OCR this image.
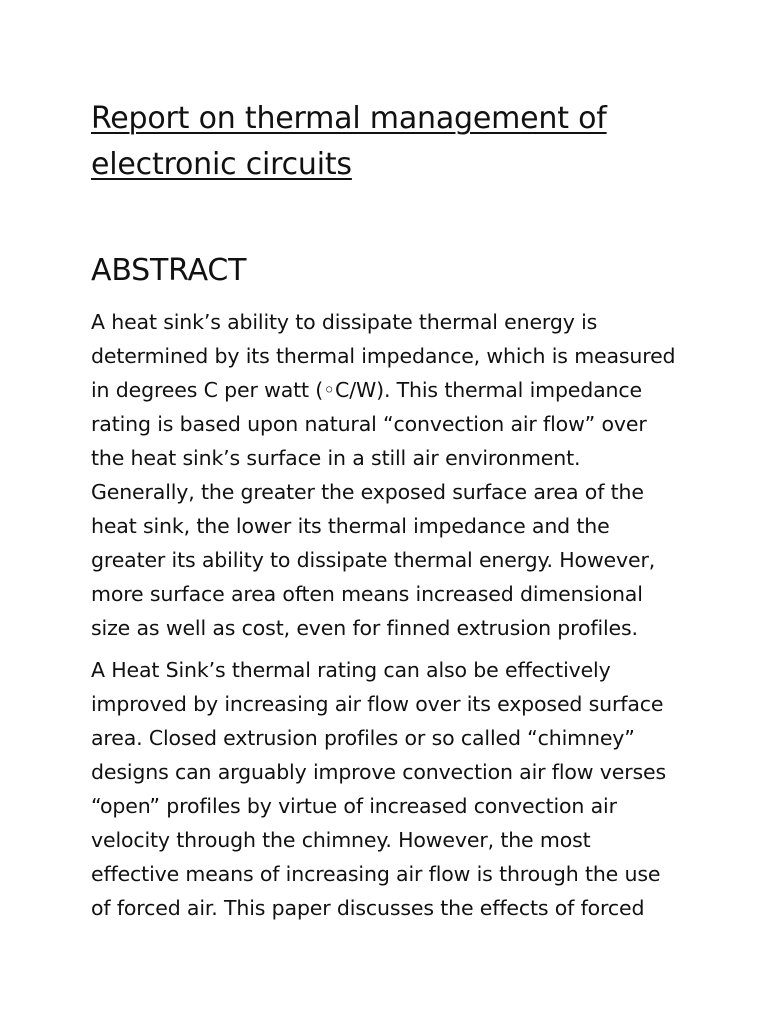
Report on thermal management of
electronic circuits
ABSTRACT
A heat sink’s ability to dissipate thermal energy is
determined by its thermal impedance, which is measured
in degrees C per watt (◦C/W). This thermal impedance
rating is based upon natural “convection air flow” over
the heat sink’s surface in a still air environment.
Generally, the greater the exposed surface area of the
heat sink, the lower its thermal impedance and the
greater its ability to dissipate thermal energy. However,
more surface area often means increased dimensional
size as well as cost, even for finned extrusion profiles.
A Heat Sink’s thermal rating can also be effectively
improved by increasing air flow over its exposed surface
area. Closed extrusion profiles or so called “chimney”
designs can arguably improve convection air flow verses
“open” profiles by virtue of increased convection air
velocity through the chimney. However, the most
effective means of increasing air flow is through the use
of forced air. This paper discusses the effects of forced
